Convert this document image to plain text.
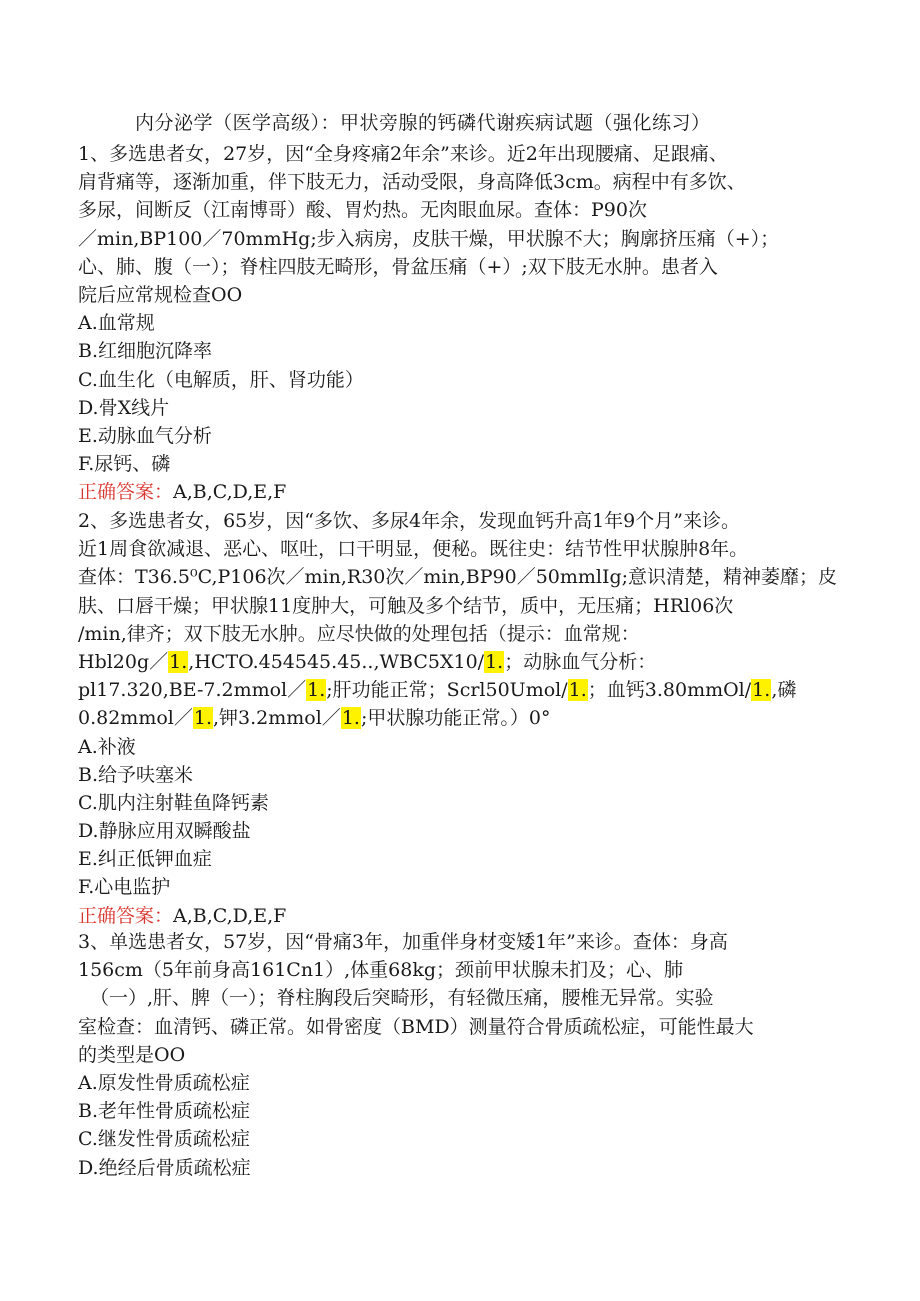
内分泌学（医学高级）：甲状旁腺的钙磷代谢疾病试题（强化练习）
1、多选患者女，27岁，因“全身疼痛2年余”来诊。近2年出现腰痛、足跟痛、
肩背痛等，逐渐加重，伴下肢无力，活动受限，身高降低3cm。病程中有多饮、
多尿，间断反（江南博哥）酸、胃灼热。无肉眼血尿。查体：P90次
／min,BP100／70mmHg;步入病房，皮肤干燥，甲状腺不大；胸廓挤压痛（+）；
心、肺、腹（一）；脊柱四肢无畸形，骨盆压痛（+）;双下肢无水肿。患者入
院后应常规检查OO
A.血常规
B.红细胞沉降率
C.血生化（电解质，肝、肾功能）
D.骨X线片
E.动脉血气分析
F.尿钙、磷
正确答案：A,B,C,D,E,F
2、多选患者女，65岁，因“多饮、多尿4年余，发现血钙升高1年9个月”来诊。
近1周食欲减退、恶心、呕吐，口干明显，便秘。既往史：结节性甲状腺肿8年。
查体：T36.5⁰C,P106次／min,R30次／min,BP90／50mmlIg;意识清楚，精神萎靡；皮
肤、口唇干燥；甲状腺11度肿大，可触及多个结节，质中，无压痛；HRl06次
/min,律齐；双下肢无水肿。应尽快做的处理包括（提示：血常规：
Hbl20g／1.,HCTO.454545.45..,WBC5X10/1.；动脉血气分析：
pl17.320,BE-7.2mmol／1.;肝功能正常；Scrl50Umol/1.；血钙3.80mmOl/1.,磷
0.82mmol／1.,钾3.2mmol／1.;甲状腺功能正常。）0°
A.补液
B.给予呋塞米
C.肌内注射鞋鱼降钙素
D.静脉应用双瞬酸盐
E.纠正低钾血症
F.心电监护
正确答案：A,B,C,D,E,F
3、单选患者女，57岁，因“骨痛3年，加重伴身材变矮1年”来诊。查体：身高
156cm（5年前身高161Cn1）,体重68kg；颈前甲状腺未扪及；心、肺
（一）,肝、脾（一）；脊柱胸段后突畸形，有轻微压痛，腰椎无异常。实验
室检查：血清钙、磷正常。如骨密度（BMD）测量符合骨质疏松症，可能性最大
的类型是OO
A.原发性骨质疏松症
B.老年性骨质疏松症
C.继发性骨质疏松症
D.绝经后骨质疏松症
